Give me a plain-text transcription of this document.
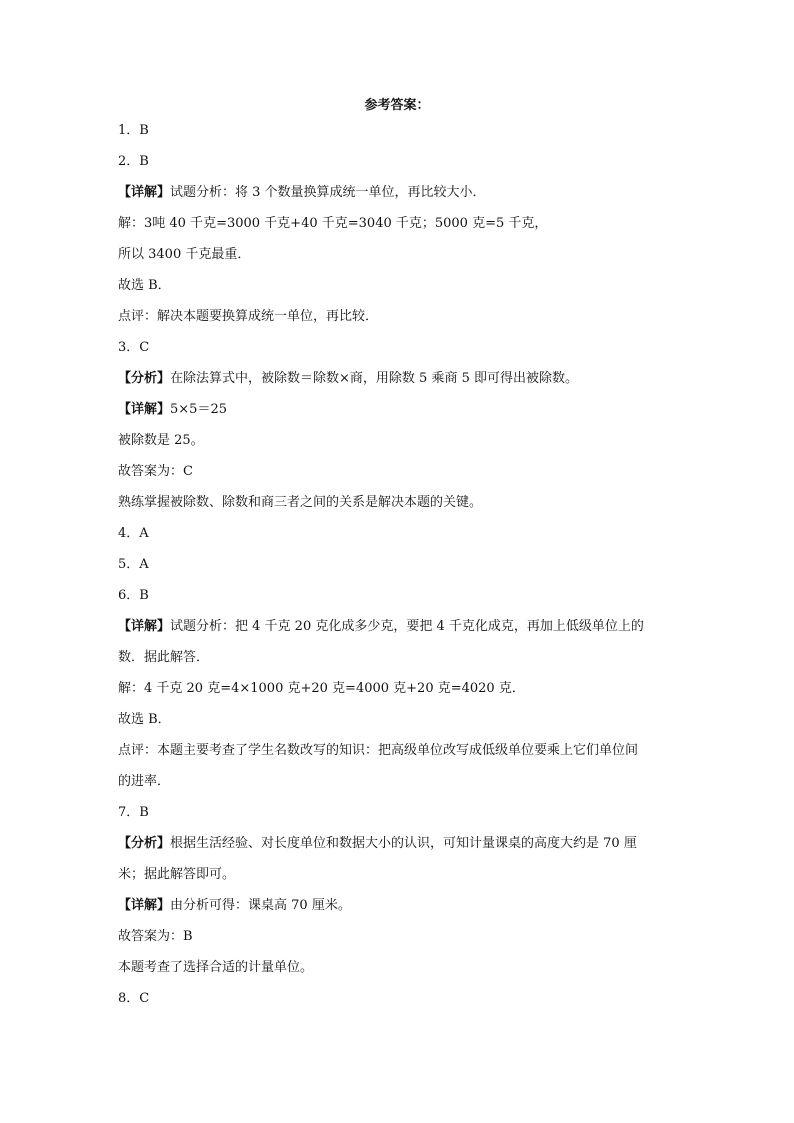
参考答案：
1．B
2．B
【详解】试题分析：将 3 个数量换算成统一单位，再比较大小．
解：3吨 40 千克=3000 千克+40 千克=3040 千克；5000 克=5 千克，
所以 3400 千克最重．
故选 B．
点评：解决本题要换算成统一单位，再比较．
3．C
【分析】在除法算式中，被除数＝除数×商，用除数 5 乘商 5 即可得出被除数。
【详解】5×5＝25
被除数是 25。
故答案为：C
熟练掌握被除数、除数和商三者之间的关系是解决本题的关键。
4．A
5．A
6．B
【详解】试题分析：把 4 千克 20 克化成多少克，要把 4 千克化成克，再加上低级单位上的
数．据此解答．
解：4 千克 20 克=4×1000 克+20 克=4000 克+20 克=4020 克．
故选 B．
点评：本题主要考查了学生名数改写的知识：把高级单位改写成低级单位要乘上它们单位间
的进率．
7．B
【分析】根据生活经验、对长度单位和数据大小的认识，可知计量课桌的高度大约是 70 厘
米；据此解答即可。
【详解】由分析可得：课桌高 70 厘米。
故答案为：B
本题考查了选择合适的计量单位。
8．C
